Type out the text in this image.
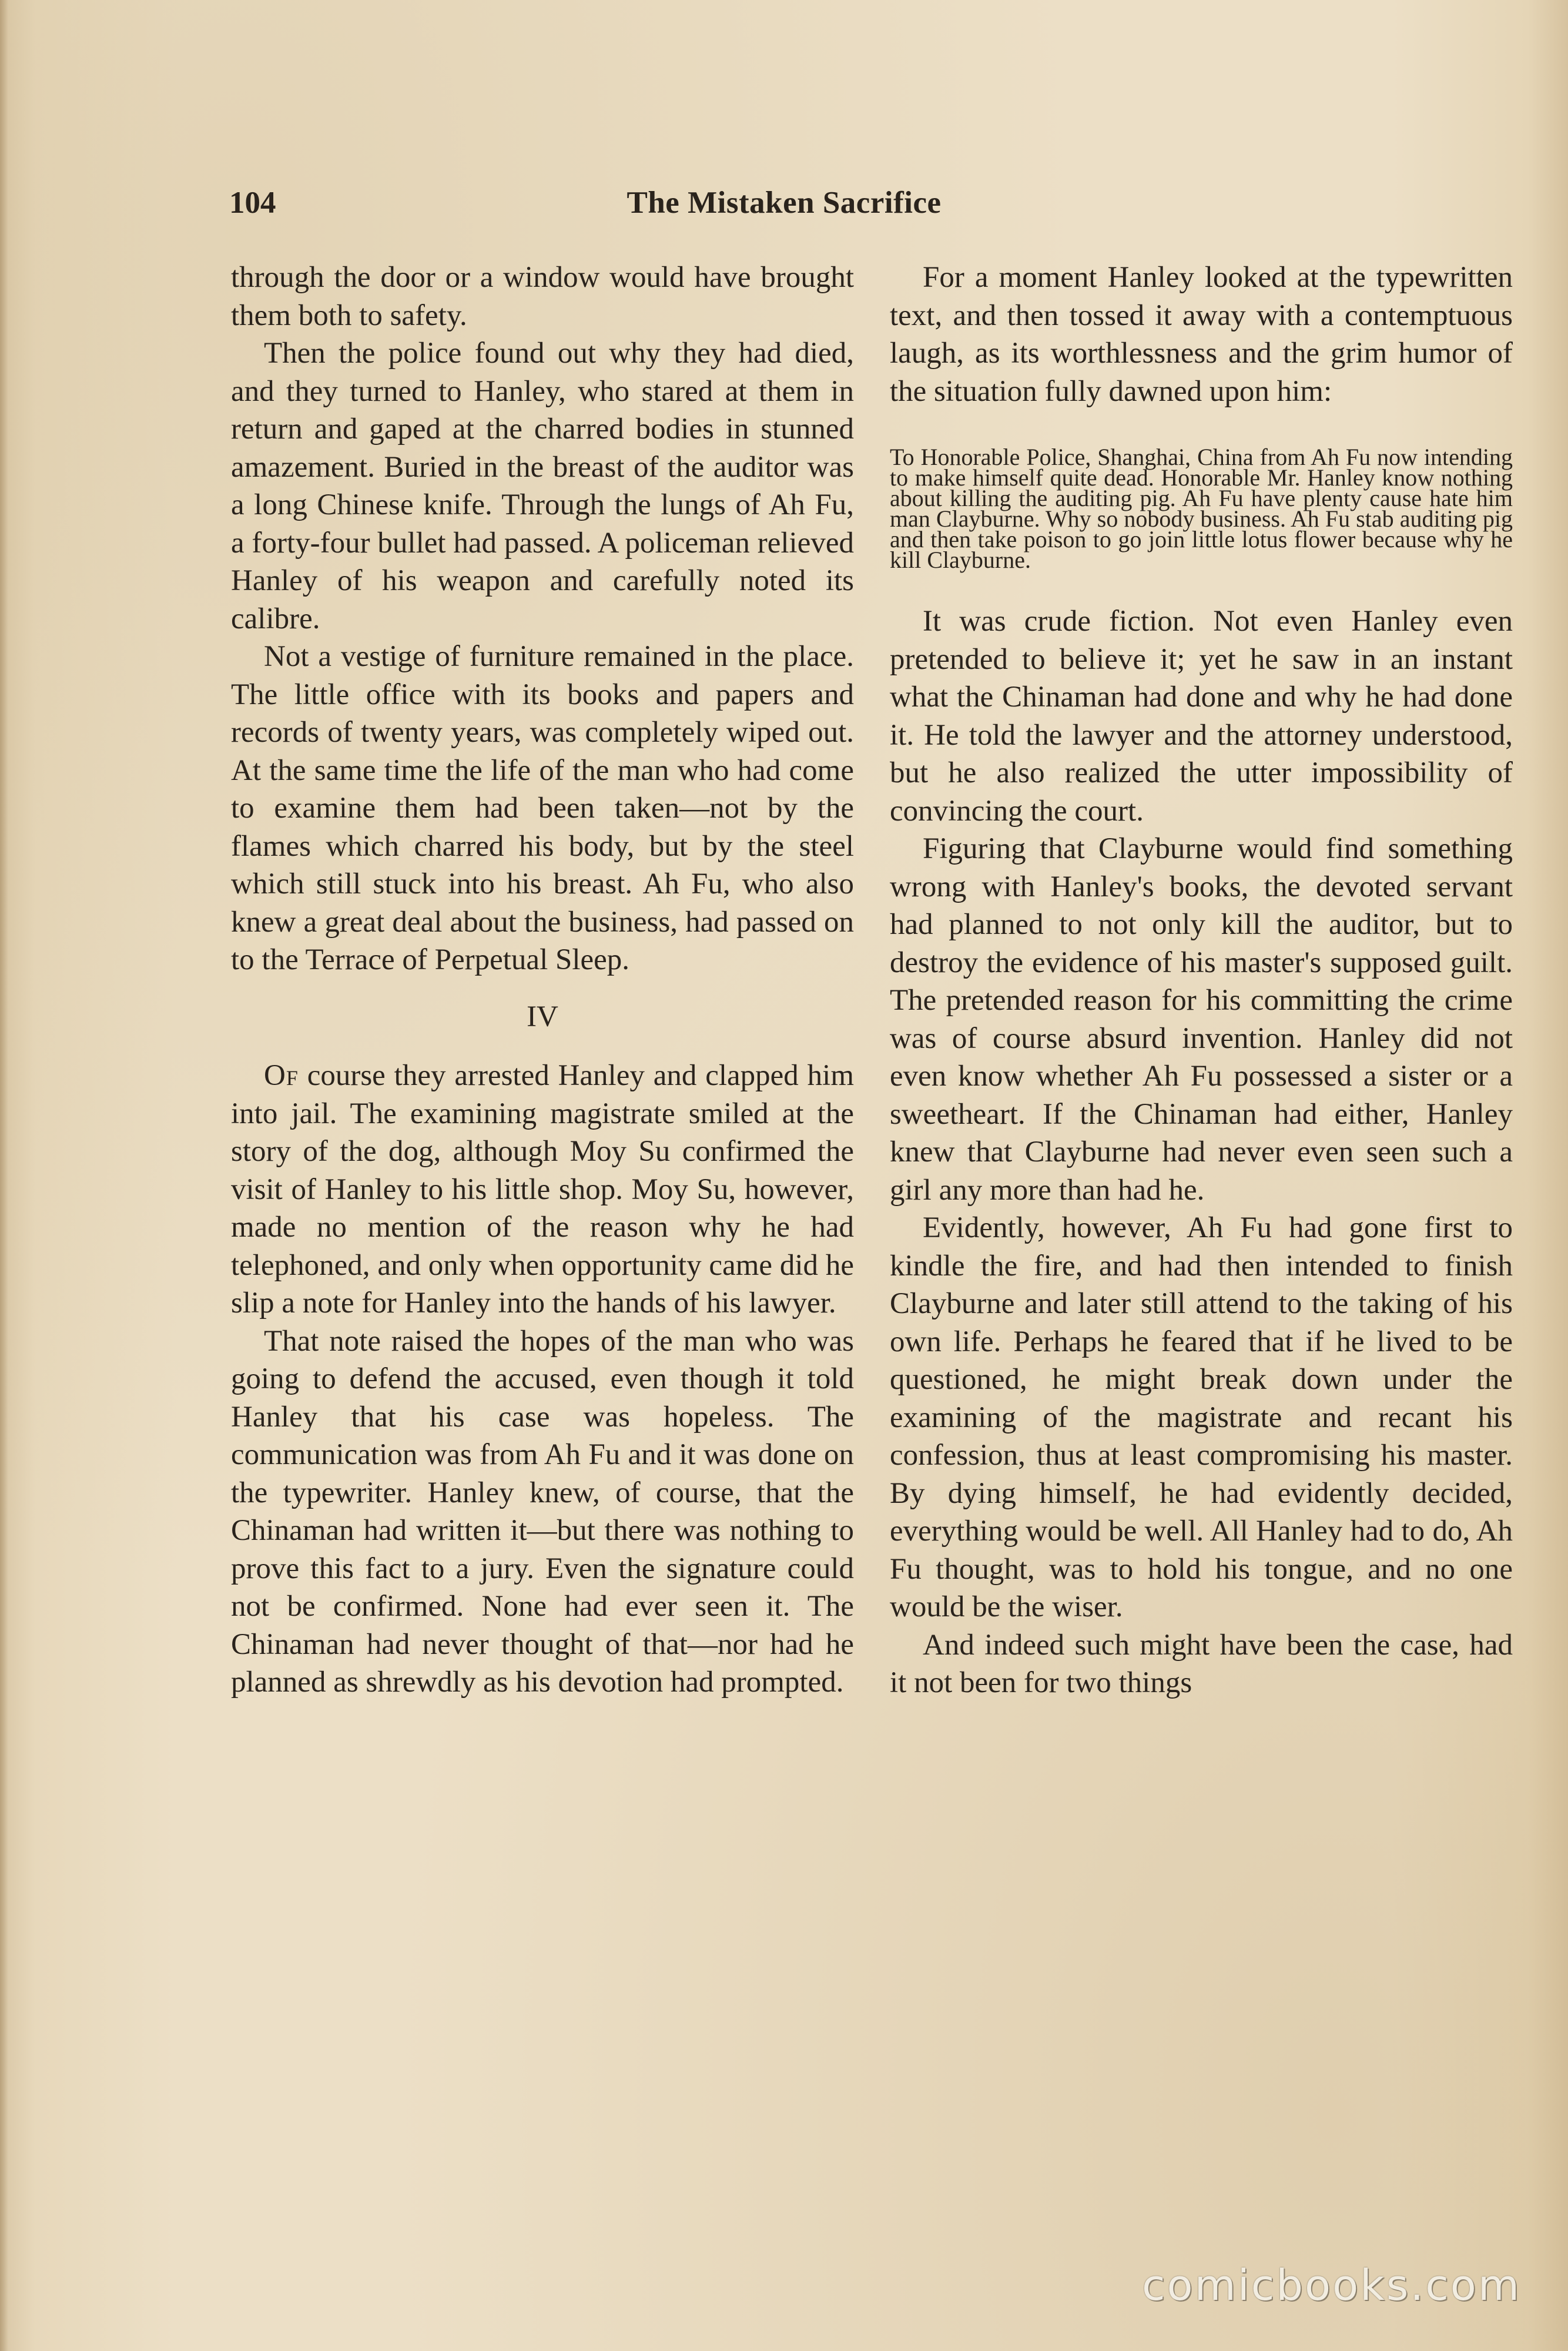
104	The Mistaken Sacrifice

through the door or a window would have brought them both to safety.

Then the police found out why they had died, and they turned to Hanley, who stared at them in return and gaped at the charred bodies in stunned amazement. Buried in the breast of the auditor was a long Chinese knife. Through the lungs of Ah Fu, a forty-four bullet had passed. A policeman relieved Hanley of his weapon and carefully noted its calibre.

Not a vestige of furniture remained in the place. The little office with its books and papers and records of twenty years, was completely wiped out. At the same time the life of the man who had come to examine them had been taken—not by the flames which charred his body, but by the steel which still stuck into his breast. Ah Fu, who also knew a great deal about the business, had passed on to the Terrace of Perpetual Sleep.

IV

Of course they arrested Hanley and clapped him into jail. The examining magistrate smiled at the story of the dog, although Moy Su confirmed the visit of Hanley to his little shop. Moy Su, however, made no mention of the reason why he had telephoned, and only when opportunity came did he slip a note for Hanley into the hands of his lawyer.

That note raised the hopes of the man who was going to defend the accused, even though it told Hanley that his case was hopeless. The communication was from Ah Fu and it was done on the typewriter. Hanley knew, of course, that the Chinaman had written it—but there was nothing to prove this fact to a jury. Even the signature could not be confirmed. None had ever seen it. The Chinaman had never thought of that—nor had he planned as shrewdly as his devotion had prompted.

For a moment Hanley looked at the typewritten text, and then tossed it away with a contemptuous laugh, as its worthlessness and the grim humor of the situation fully dawned upon him:

To Honorable Police, Shanghai, China from Ah Fu now intending to make himself quite dead. Honorable Mr. Hanley know nothing about killing the auditing pig. Ah Fu have plenty cause hate him man Clayburne. Why so nobody business. Ah Fu stab auditing pig and then take poison to go join little lotus flower because why he kill Clayburne.

It was crude fiction. Not even Hanley even pretended to believe it; yet he saw in an instant what the Chinaman had done and why he had done it. He told the lawyer and the attorney understood, but he also realized the utter impossibility of convincing the court.

Figuring that Clayburne would find something wrong with Hanley's books, the devoted servant had planned to not only kill the auditor, but to destroy the evidence of his master's supposed guilt. The pretended reason for his committing the crime was of course absurd invention. Hanley did not even know whether Ah Fu possessed a sister or a sweetheart. If the Chinaman had either, Hanley knew that Clayburne had never even seen such a girl any more than had he.

Evidently, however, Ah Fu had gone first to kindle the fire, and had then intended to finish Clayburne and later still attend to the taking of his own life. Perhaps he feared that if he lived to be questioned, he might break down under the examining of the magistrate and recant his confession, thus at least compromising his master. By dying himself, he had evidently decided, everything would be well. All Hanley had to do, Ah Fu thought, was to hold his tongue, and no one would be the wiser.

And indeed such might have been the case, had it not been for two things

comicbooks.com
